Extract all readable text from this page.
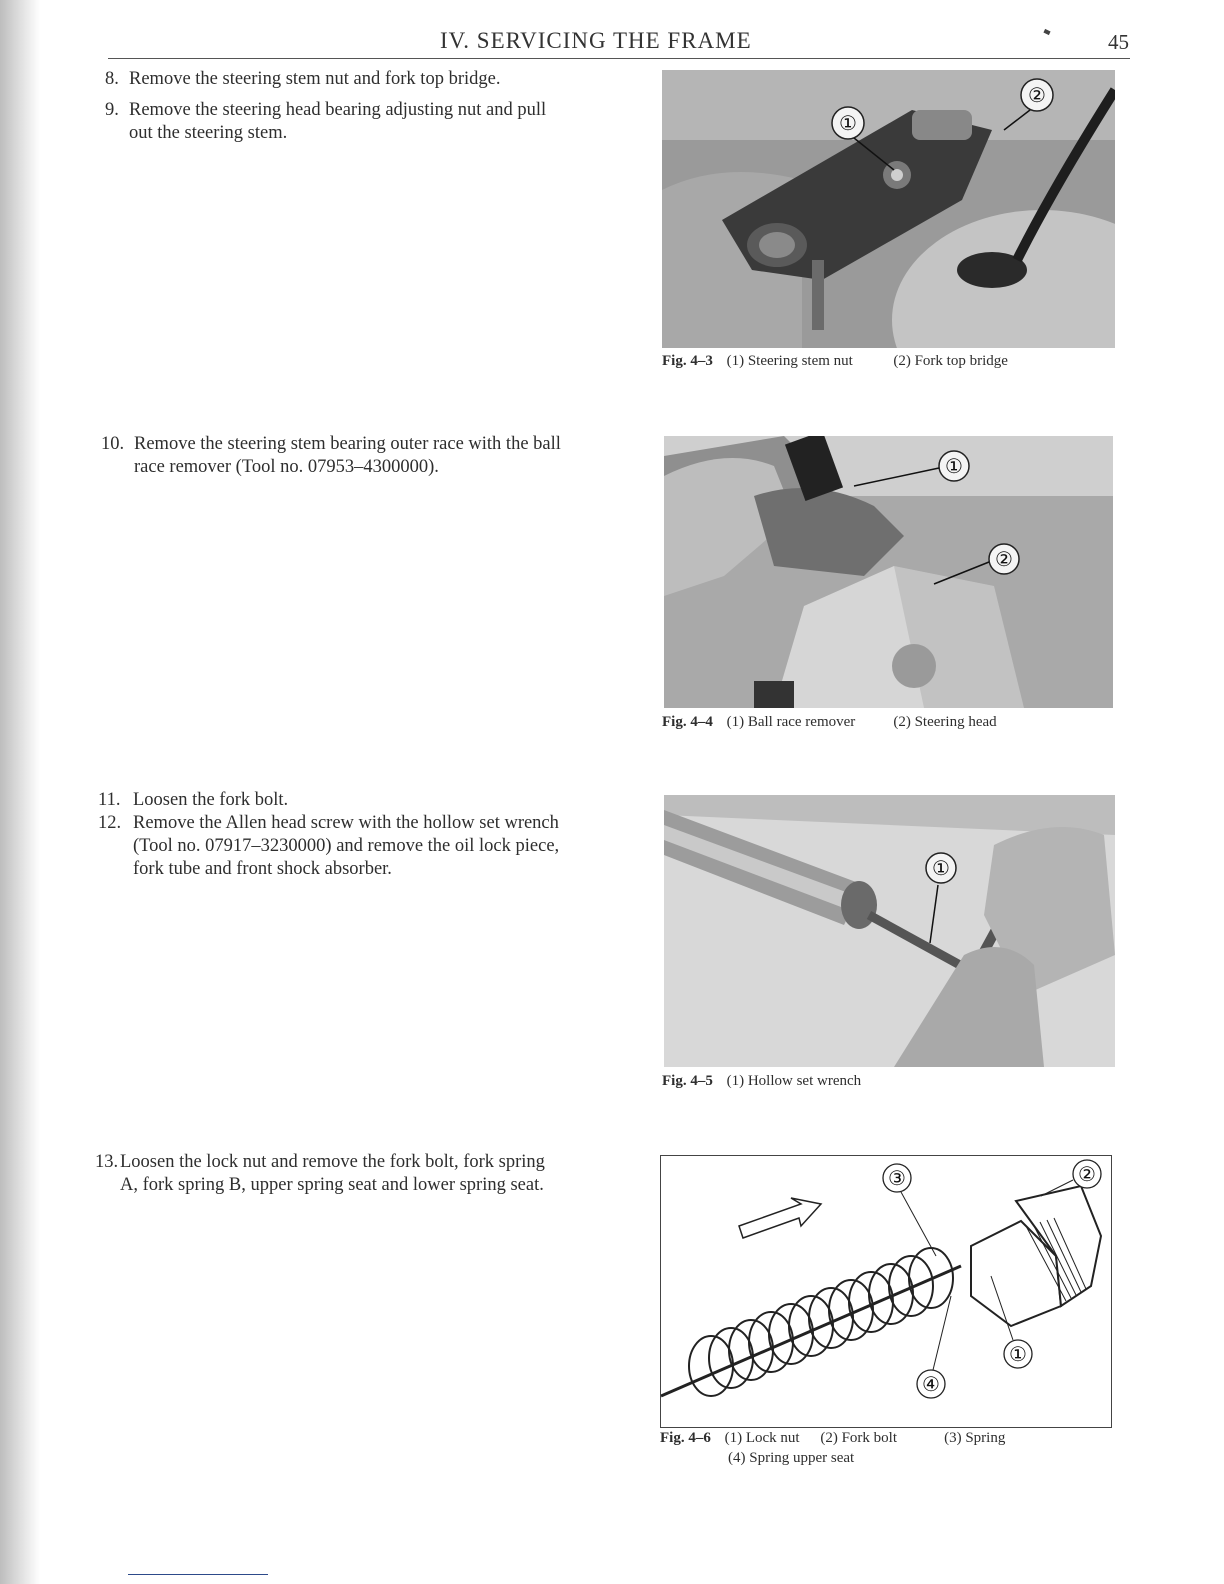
IV. SERVICING THE FRAME	45
8. Remove the steering stem nut and fork top bridge.
9. Remove the steering head bearing adjusting nut and pull
out the steering stem.
10. Remove the steering stem bearing outer race with the ball
race remover (Tool no. 07953–4300000).
11. Loosen the fork bolt.
12. Remove the Allen head screw with the hollow set wrench
(Tool no. 07917–3230000) and remove the oil lock piece,
fork tube and front shock absorber.
13. Loosen the lock nut and remove the fork bolt, fork spring
A, fork spring B, upper spring seat and lower spring seat.
①
②
Fig. 4–3 (1) Steering stem nut	(2) Fork top bridge
①
②
Fig. 4–4 (1) Ball race remover	(2) Steering head
①
Fig. 4–5 (1) Hollow set wrench
③	②
①
④
Fig. 4–6 (1) Lock nut (2) Fork bolt	(3) Spring
(4) Spring upper seat
